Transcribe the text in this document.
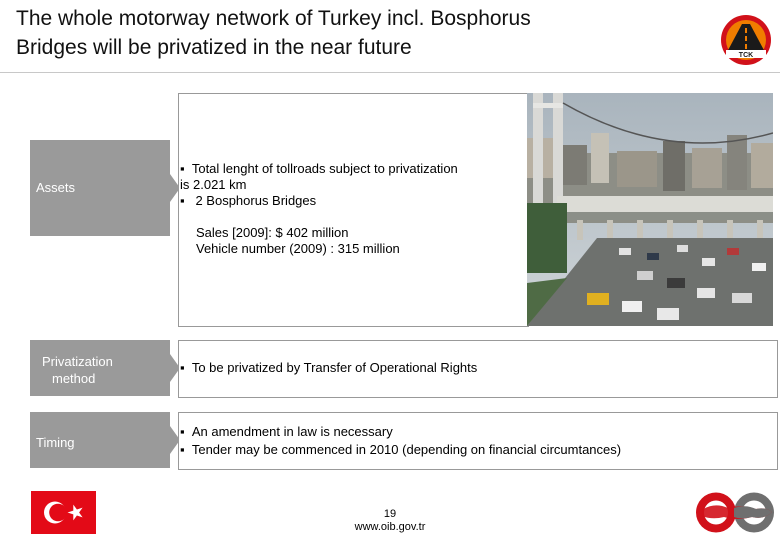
The whole motorway network of Turkey incl. Bosphorus
Bridges will be privatized in the near future	TCK
Assets
▪ Total lenght of tollroads subject to privatization
is 2.021 km
▪ 2 Bosphorus Bridges
Sales [2009]: $ 402 million
Vehicle number (2009) : 315 million
Privatization

method
▪ To be privatized by Transfer of Operational Rights
Timing
▪ An amendment in law is necessary
▪ Tender may be commenced in 2010 (depending on financial circumtances)
19
www.oib.gov.tr
